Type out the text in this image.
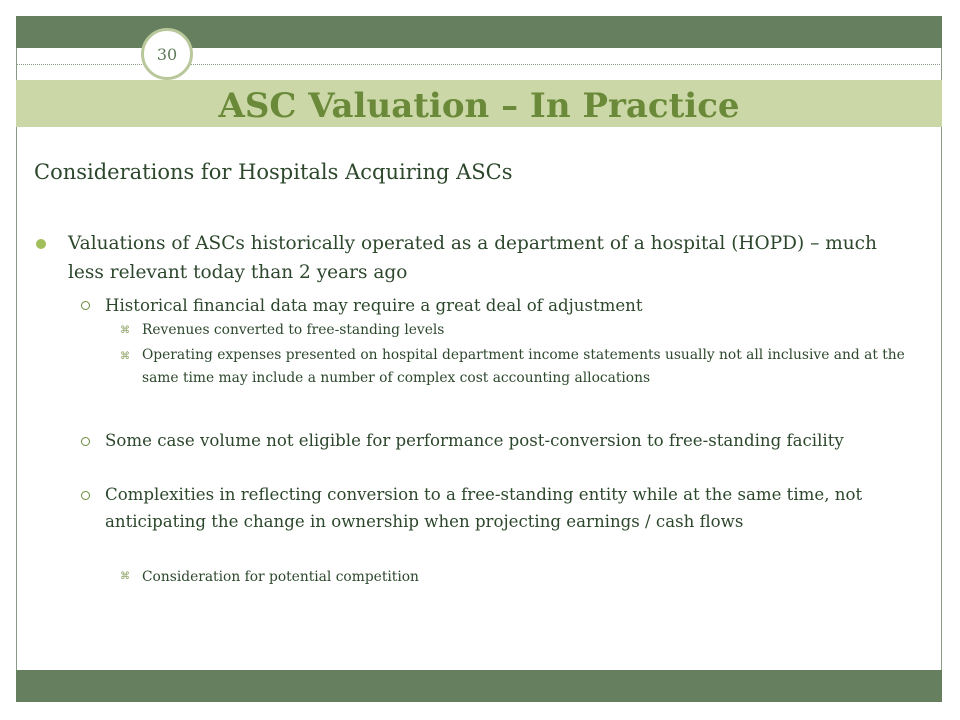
30
ASC Valuation – In Practice
Considerations for Hospitals Acquiring ASCs
Valuations of ASCs historically operated as a department of a hospital (HOPD) – much less relevant today than 2 years ago
Historical financial data may require a great deal of adjustment
⌘ Revenues converted to free-standing levels
⌘ Operating expenses presented on hospital department income statements usually not all inclusive and at the same time may include a number of complex cost accounting allocations
Some case volume not eligible for performance post-conversion to free-standing facility
Complexities in reflecting conversion to a free-standing entity while at the same time, not anticipating the change in ownership when projecting earnings / cash flows
⌘ Consideration for potential competition
